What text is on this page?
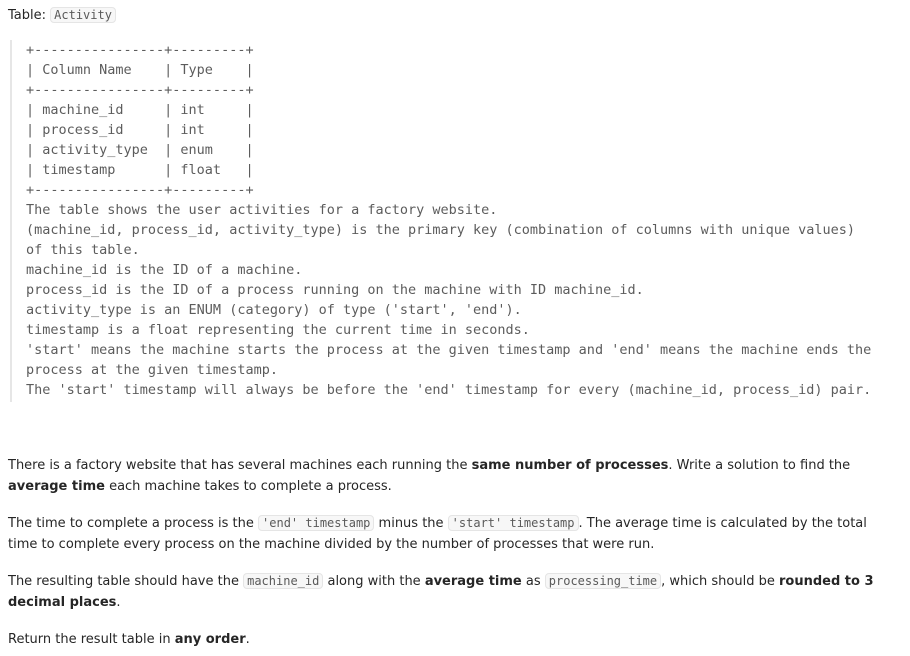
Table: Activity
+----------------+---------+
| Column Name    | Type    |
+----------------+---------+
| machine_id     | int     |
| process_id     | int     |
| activity_type  | enum    |
| timestamp      | float   |
+----------------+---------+
The table shows the user activities for a factory website.
(machine_id, process_id, activity_type) is the primary key (combination of columns with unique values)
of this table.
machine_id is the ID of a machine.
process_id is the ID of a process running on the machine with ID machine_id.
activity_type is an ENUM (category) of type ('start', 'end').
timestamp is a float representing the current time in seconds.
'start' means the machine starts the process at the given timestamp and 'end' means the machine ends the
process at the given timestamp.
The 'start' timestamp will always be before the 'end' timestamp for every (machine_id, process_id) pair.
There is a factory website that has several machines each running the same number of processes. Write a solution to find the average time each machine takes to complete a process.
The time to complete a process is the 'end' timestamp minus the 'start' timestamp . The average time is calculated by the total time to complete every process on the machine divided by the number of processes that were run.
The resulting table should have the machine_id along with the average time as processing_time , which should be rounded to 3 decimal places.
Return the result table in any order.
